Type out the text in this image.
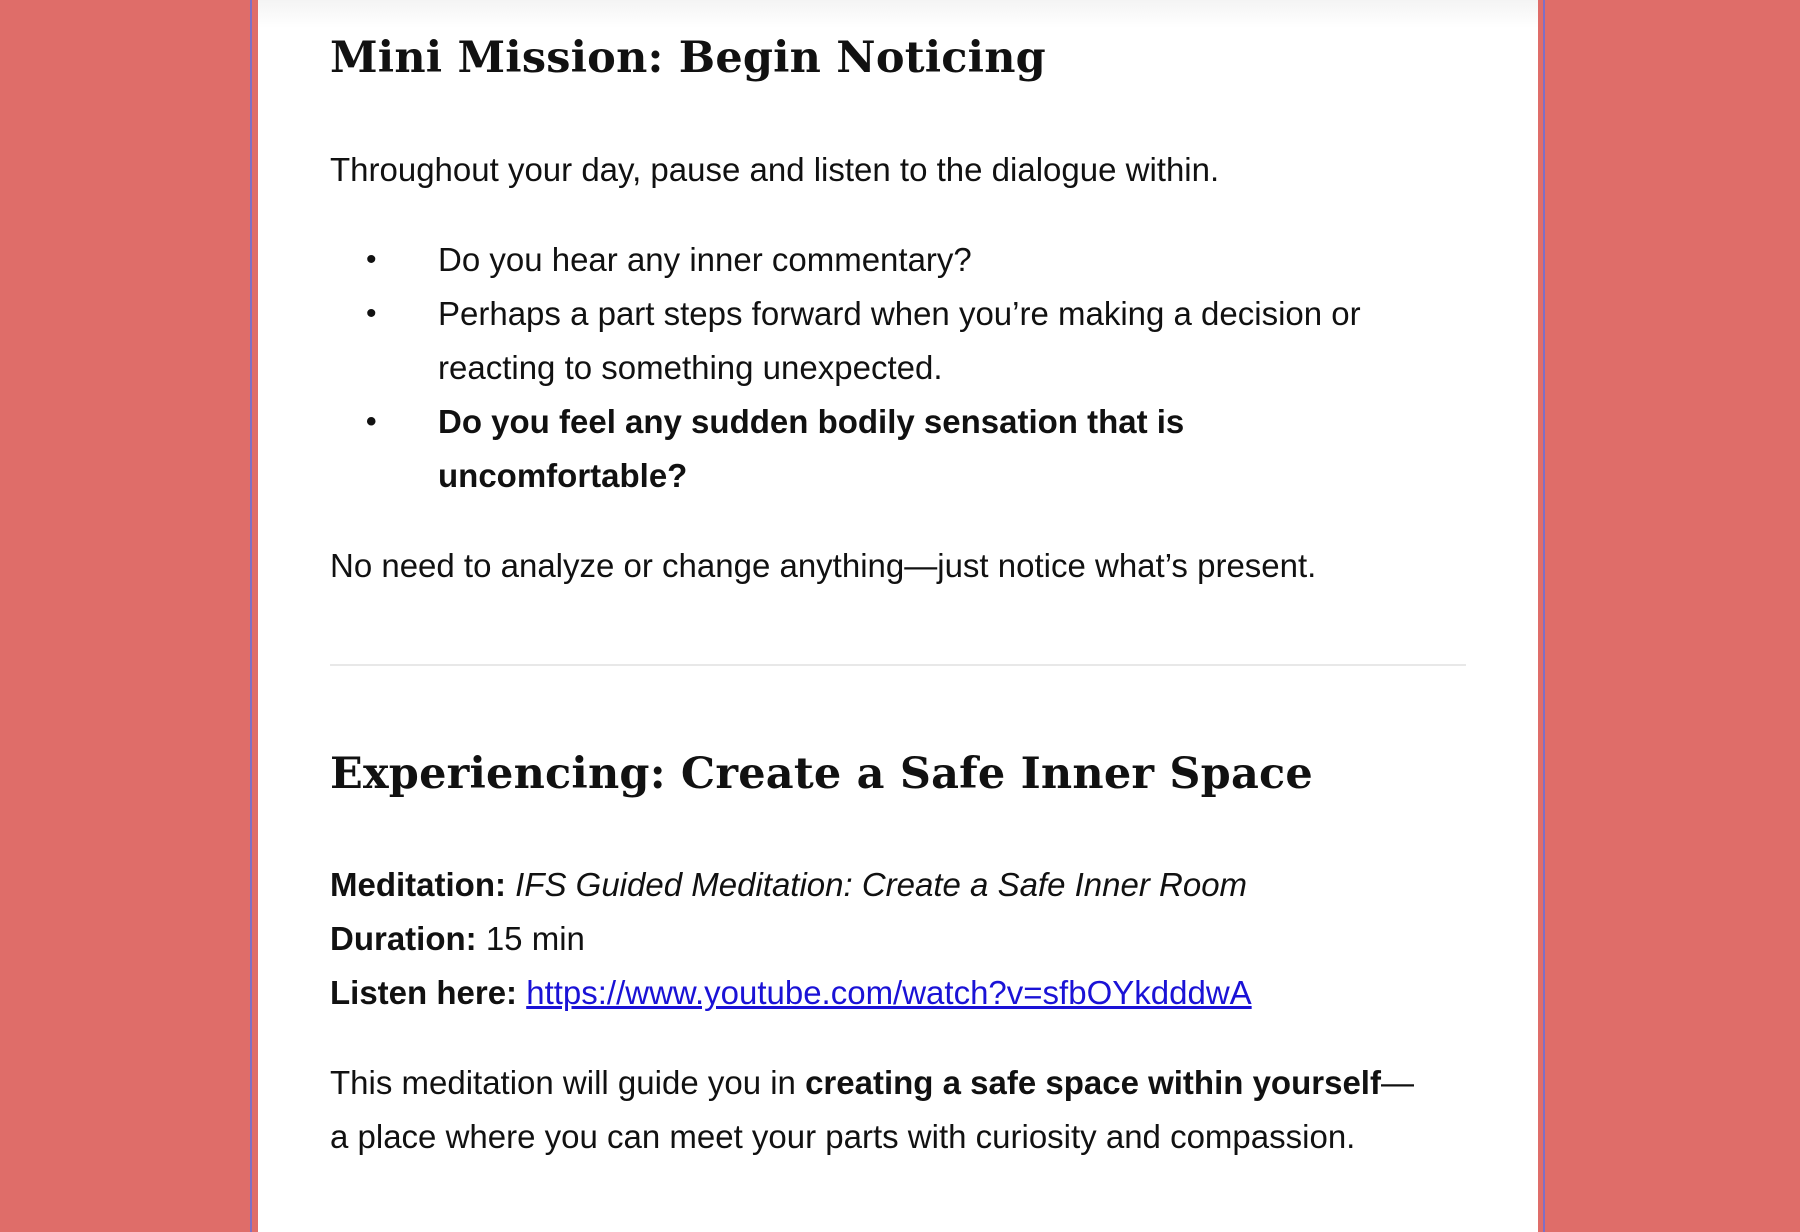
Mini Mission: Begin Noticing

Throughout your day, pause and listen to the dialogue within.

• Do you hear any inner commentary?
• Perhaps a part steps forward when you’re making a decision or reacting to something unexpected.
• Do you feel any sudden bodily sensation that is uncomfortable?

No need to analyze or change anything—just notice what’s present.

Experiencing: Create a Safe Inner Space

Meditation: IFS Guided Meditation: Create a Safe Inner Room

Duration: 15 min

Listen here: https://www.youtube.com/watch?v=sfbOYkdddwA

This meditation will guide you in creating a safe space within yourself—a place where you can meet your parts with curiosity and compassion.
